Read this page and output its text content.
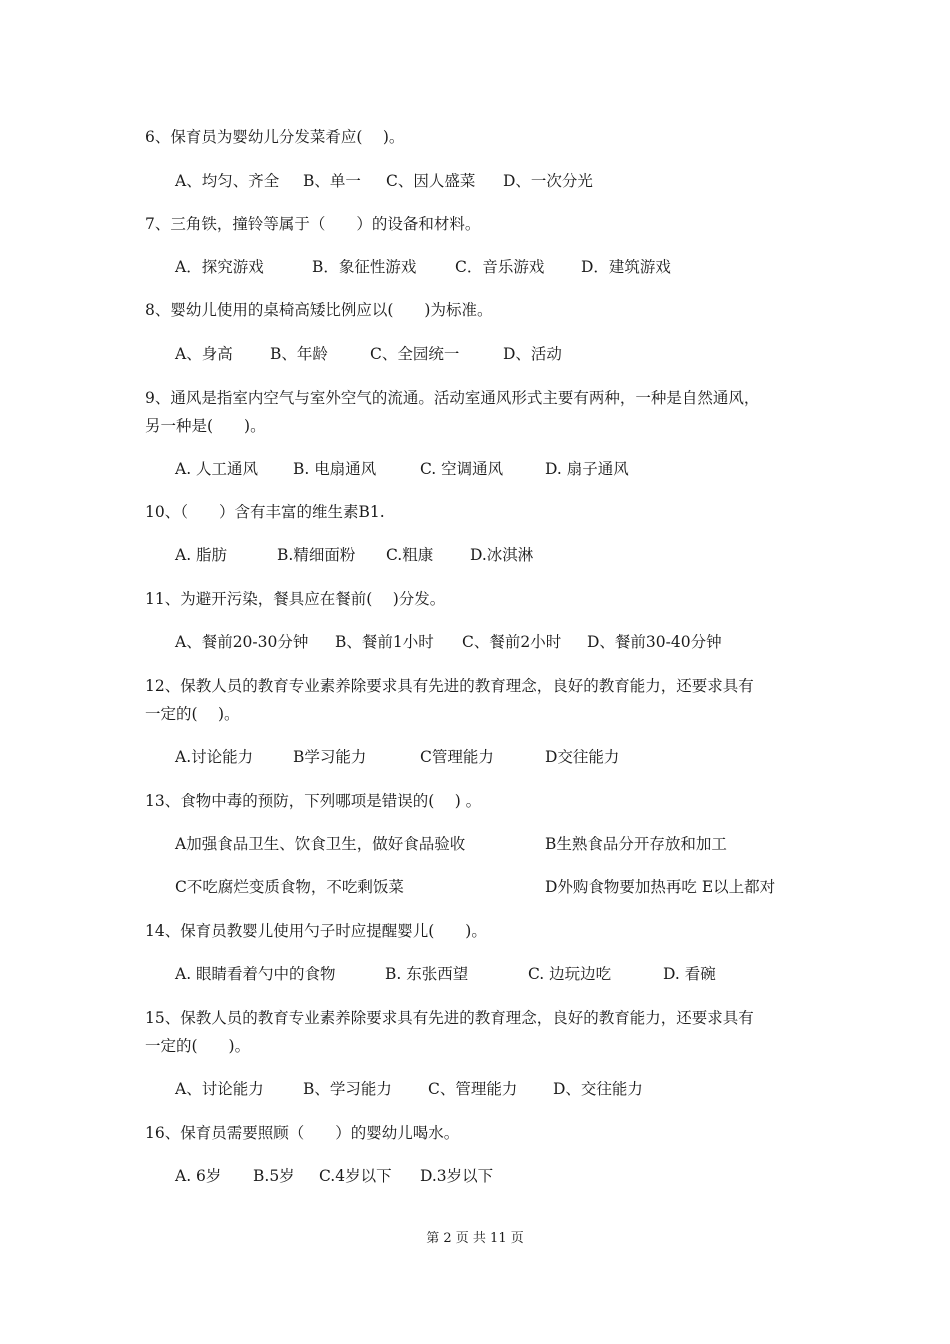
6、保育员为婴幼儿分发菜肴应(　 )。
A、均匀、齐全 B、单一 C、因人盛菜 D、一次分光
7、三角铁，撞铃等属于（　　）的设备和材料。
A．探究游戏	B．象征性游戏 C．音乐游戏 D．建筑游戏
8、婴幼儿使用的桌椅高矮比例应以(　　)为标准。
A、身高 B、年龄	C、全园统一	D、活动
9、通风是指室内空气与室外空气的流通。活动室通风形式主要有两种，一种是自然通风，
另一种是(　　)。
A. 人工通风 B. 电扇通风	C. 空调通风	D. 扇子通风
10、（　　）含有丰富的维生素B1.
A. 脂肪	B.精细面粉 C.粗康 D.冰淇淋
11、为避开污染，餐具应在餐前(　 )分发。
A、餐前20-30分钟 B、餐前1小时 C、餐前2小时 D、餐前30-40分钟
12、保教人员的教育专业素养除要求具有先进的教育理念，良好的教育能力，还要求具有
一定的(　 )。
A.讨论能力	B学习能力	C管理能力	D交往能力
13、食物中毒的预防，下列哪项是错误的(　 ) 。
A加强食品卫生、饮食卫生，做好食品验收	B生熟食品分开存放和加工
C不吃腐烂变质食物，不吃剩饭菜	D外购食物要加热再吃 E以上都对
14、保育员教婴儿使用勺子时应提醒婴儿(　　)。
A. 眼睛看着勺中的食物	B. 东张西望	C. 边玩边吃	D. 看碗
15、保教人员的教育专业素养除要求具有先进的教育理念，良好的教育能力，还要求具有
一定的(　　)。
A、讨论能力	B、学习能力 C、管理能力 D、交往能力
16、保育员需要照顾（　　）的婴幼儿喝水。
A. 6岁 B.5岁 C.4岁以下 D.3岁以下
第 2 页 共 11 页
